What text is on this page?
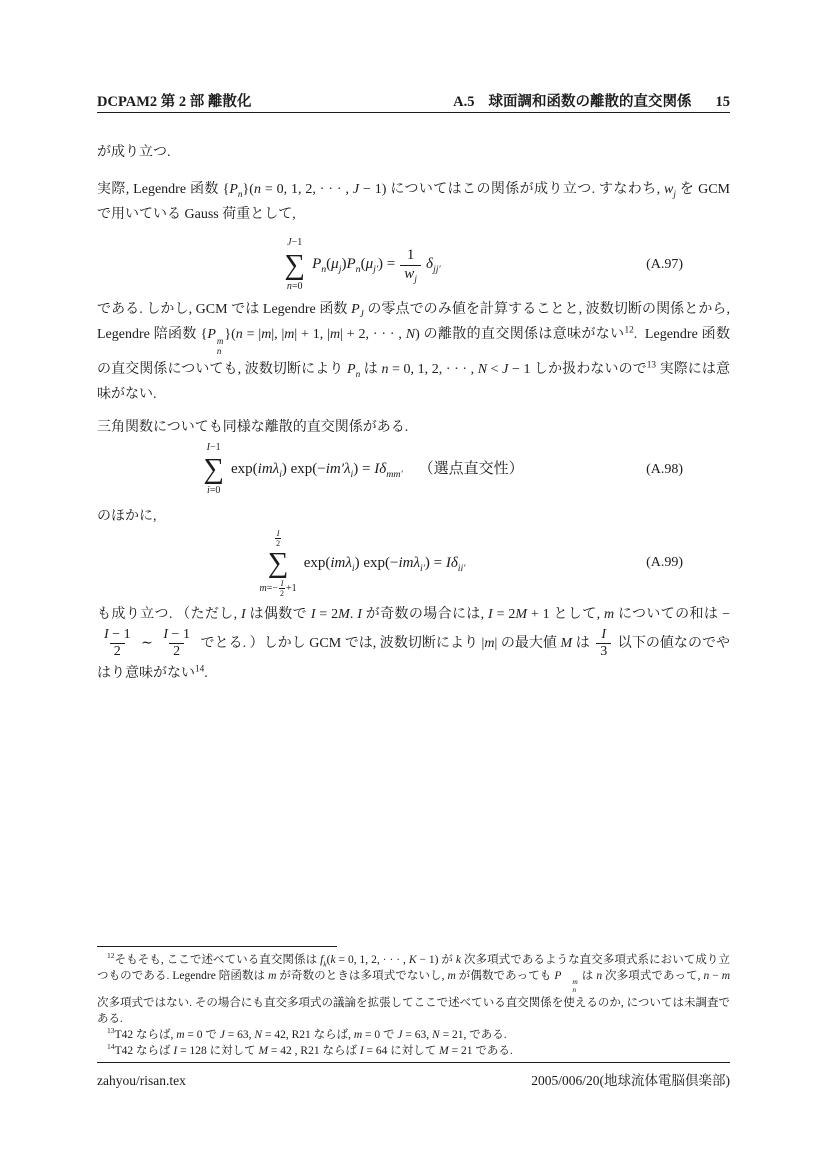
DCPAM2 第 2 部 離散化	A.5 球面調和函数の離散的直交関係 15

が成り立つ.

実際, Legendre 函数 $\{P_n\}(n = 0$, 1, 2, · · · , J − 1) についてはこの関係が成り立つ. すなわち, $w_j$ を GCM で用いている Gauss 荷重として,

J−1
∑
n=0
$P_n(\mu_j)P_n(\mu_{j'}) = \frac{1}{w_j} \delta_{jj'}$	(A.97)

である. しかし, GCM では Legendre 函数 $P_J$ の零点でのみ値を計算することと, 波数切断の関係とから, Legendre 陪函数 {P m
n
}(n = |m|, |m| + 1, |m| + 2, · · · , N) の離散的直交関係は意味がない$^{12}$.  Legendre 函数の直交関係についても, 波数切断により $P_n$ は n = 0, 1, 2, · · · , N < J − 1 しか扱わないので$^{13}$ 実際には意味がない.

三角関数についても同様な離散的直交関係がある.

I−1
∑
i=0
exp(imλ$_i$) $\exp(-im'\lambda_i) = I\delta_{mm'}$ （選点直交性）	(A.98)

のほかに,

$\frac{I}{2}$
∑
$m=- \frac{I}{2} +1$
exp(imλ$_i$) $\exp(-im\lambda_{i'}) = I\delta_{ii'}$	(A.99)

も成り立つ. （ただし, I は偶数で I = 2M. I が奇数の場合には, I = 2M + 1 として, m についての和は −
$\frac{I - 1}{2}$ ∼ $\frac{I - 1}{2}$ でとる. ）しかし GCM では, 波数切断により |m| の最大値 M は $\frac{I}{3}$ 以下の値なのでやはり意味がない$^{14}$.

$^{12}$そもそも, ここで述べている直交関係は $f_k(k = 0$, 1, 2, · · · , K − 1) が k 次多項式であるような直交多項式系において成り立つものである. Legendre 陪函数は m が奇数のときは多項式でないし, m が偶数であっても P	m
n
は n 次多項式であって, n − m 次多項式ではない. その場合にも直交多項式の議論を拡張してここで述べている直交関係を使えるのか, については未調査である.

$^{13}$T42 ならば, m = 0 で J = 63, N = 42, R21 ならば, m = 0 で J = 63, N = 21, である.

$^{14}$T42 ならば I = 128 に対して M = 42 , R21 ならば I = 64 に対して M = 21 である.

zahyou/risan.tex	2005/006/20(地球流体電脳倶楽部)
